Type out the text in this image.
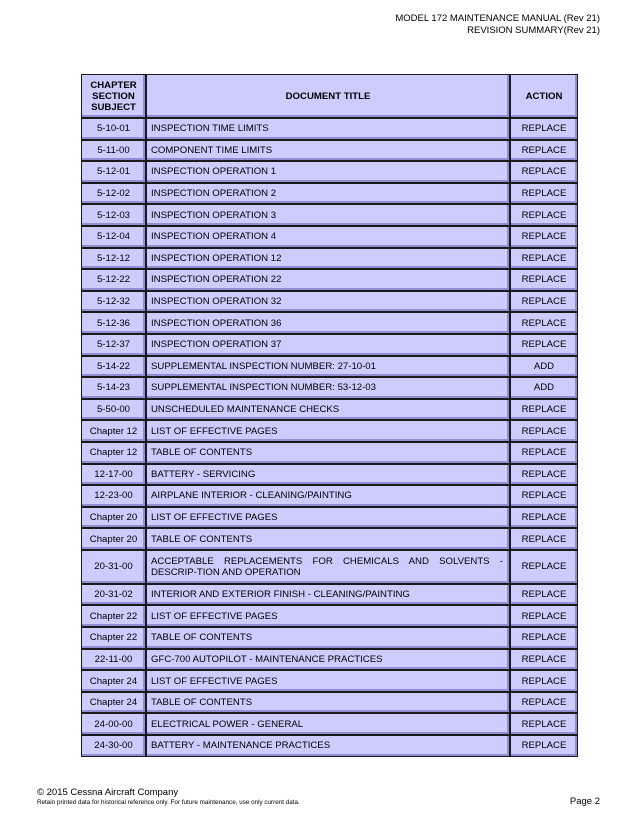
MODEL 172 MAINTENANCE MANUAL (Rev 21)
REVISION SUMMARY(Rev 21)
CHAPTER SECTION SUBJECT	DOCUMENT TITLE	ACTION
5-10-01	INSPECTION TIME LIMITS	REPLACE
5-11-00	COMPONENT TIME LIMITS	REPLACE
5-12-01	INSPECTION OPERATION 1	REPLACE
5-12-02	INSPECTION OPERATION 2	REPLACE
5-12-03	INSPECTION OPERATION 3	REPLACE
5-12-04	INSPECTION OPERATION 4	REPLACE
5-12-12	INSPECTION OPERATION 12	REPLACE
5-12-22	INSPECTION OPERATION 22	REPLACE
5-12-32	INSPECTION OPERATION 32	REPLACE
5-12-36	INSPECTION OPERATION 36	REPLACE
5-12-37	INSPECTION OPERATION 37	REPLACE
5-14-22	SUPPLEMENTAL INSPECTION NUMBER: 27-10-01	ADD
5-14-23	SUPPLEMENTAL INSPECTION NUMBER: 53-12-03	ADD
5-50-00	UNSCHEDULED MAINTENANCE CHECKS	REPLACE
Chapter 12	LIST OF EFFECTIVE PAGES	REPLACE
Chapter 12	TABLE OF CONTENTS	REPLACE
12-17-00	BATTERY - SERVICING	REPLACE
12-23-00	AIRPLANE INTERIOR - CLEANING/PAINTING	REPLACE
Chapter 20	LIST OF EFFECTIVE PAGES	REPLACE
Chapter 20	TABLE OF CONTENTS	REPLACE
20-31-00	ACCEPTABLE REPLACEMENTS FOR CHEMICALS AND SOLVENTS - DESCRIP-TION AND OPERATION	REPLACE
20-31-02	INTERIOR AND EXTERIOR FINISH - CLEANING/PAINTING	REPLACE
Chapter 22	LIST OF EFFECTIVE PAGES	REPLACE
Chapter 22	TABLE OF CONTENTS	REPLACE
22-11-00	GFC-700 AUTOPILOT - MAINTENANCE PRACTICES	REPLACE
Chapter 24	LIST OF EFFECTIVE PAGES	REPLACE
Chapter 24	TABLE OF CONTENTS	REPLACE
24-00-00	ELECTRICAL POWER - GENERAL	REPLACE
24-30-00	BATTERY - MAINTENANCE PRACTICES	REPLACE
© 2015 Cessna Aircraft Company
Retain printed data for historical reference only. For future maintenance, use only current data.	Page 2
